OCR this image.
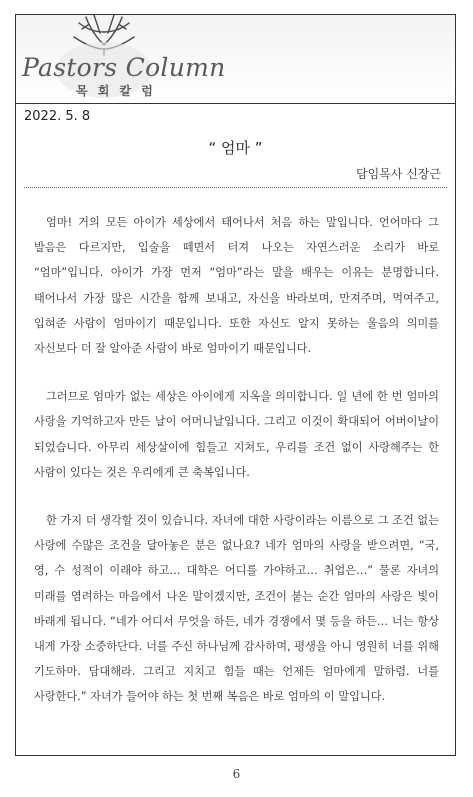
Pastors Column
목 회 칼 럼
2022. 5. 8
“ 엄마 ”
담임목사 신장근

엄마! 거의 모든 아이가 세상에서 태어나서 처음 하는 말입니다. 언어마다 그 발음은 다르지만, 입술을 떼면서 터져 나오는 자연스러운 소리가 바로 “엄마”입니다. 아이가 가장 먼저 “엄마”라는 말을 배우는 이유는 분명합니다. 태어나서 가장 많은 시간을 함께 보내고, 자신을 바라보며, 만져주며, 먹여주고, 입혀준 사람이 엄마이기 때문입니다. 또한 자신도 알지 못하는 울음의 의미를 자신보다 더 잘 알아준 사람이 바로 엄마이기 때문입니다.

그러므로 엄마가 없는 세상은 아이에게 지옥을 의미합니다. 일 년에 한 번 엄마의 사랑을 기억하고자 만든 날이 어머니날입니다. 그리고 이것이 확대되어 어버이날이 되었습니다. 아무리 세상살이에 힘들고 지쳐도, 우리를 조건 없이 사랑해주는 한 사람이 있다는 것은 우리에게 큰 축복입니다.

한 가지 더 생각할 것이 있습니다. 자녀에 대한 사랑이라는 이름으로 그 조건 없는 사랑에 수많은 조건을 달아놓은 분은 없나요? 네가 엄마의 사랑을 받으려면, “국, 영, 수 성적이 이래야 하고… 대학은 어디를 가야하고… 취업은…” 물론 자녀의 미래를 염려하는 마음에서 나온 말이겠지만, 조건이 붙는 순간 엄마의 사랑은 빛이 바래게 됩니다. “네가 어디서 무엇을 하든, 네가 경쟁에서 몇 등을 하든… 너는 항상 내게 가장 소중하단다. 너를 주신 하나님께 감사하며, 평생을 아니 영원히 너를 위해 기도하마. 담대해라. 그리고 지치고 힘들 때는 언제든 엄마에게 말하렴. 너를 사랑한다.” 자녀가 들어야 하는 첫 번째 복음은 바로 엄마의 이 말입니다.

6
